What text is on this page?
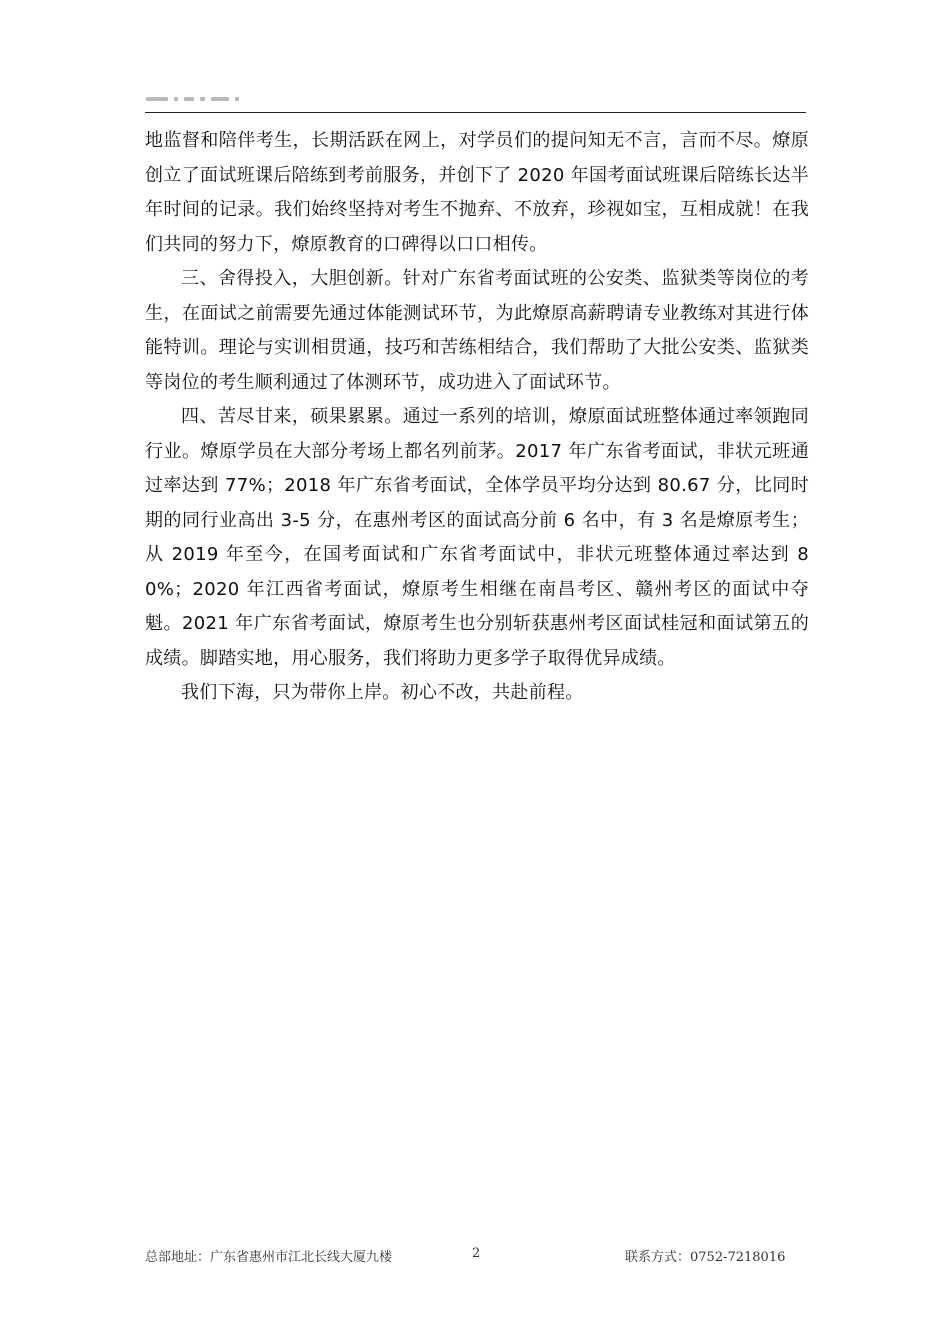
地监督和陪伴考生，长期活跃在网上，对学员们的提问知无不言，言而不尽。燎原创立了面试班课后陪练到考前服务，并创下了 2020 年国考面试班课后陪练长达半年时间的记录。我们始终坚持对考生不抛弃、不放弃，珍视如宝，互相成就！在我们共同的努力下，燎原教育的口碑得以口口相传。

三、舍得投入，大胆创新。针对广东省考面试班的公安类、监狱类等岗位的考生，在面试之前需要先通过体能测试环节，为此燎原高薪聘请专业教练对其进行体能特训。理论与实训相贯通，技巧和苦练相结合，我们帮助了大批公安类、监狱类等岗位的考生顺利通过了体测环节，成功进入了面试环节。

四、苦尽甘来，硕果累累。通过一系列的培训，燎原面试班整体通过率领跑同行业。燎原学员在大部分考场上都名列前茅。2017 年广东省考面试，非状元班通过率达到 77%；2018 年广东省考面试，全体学员平均分达到 80.67 分，比同时期的同行业高出 3-5 分，在惠州考区的面试高分前 6 名中，有 3 名是燎原考生；从 2019 年至今，在国考面试和广东省考面试中，非状元班整体通过率达到 80%；2020 年江西省考面试，燎原考生相继在南昌考区、赣州考区的面试中夺魁。2021 年广东省考面试，燎原考生也分别斩获惠州考区面试桂冠和面试第五的成绩。脚踏实地，用心服务，我们将助力更多学子取得优异成绩。

我们下海，只为带你上岸。初心不改，共赴前程。

总部地址：广东省惠州市江北长线大厦九楼	2	联系方式：0752-7218016
